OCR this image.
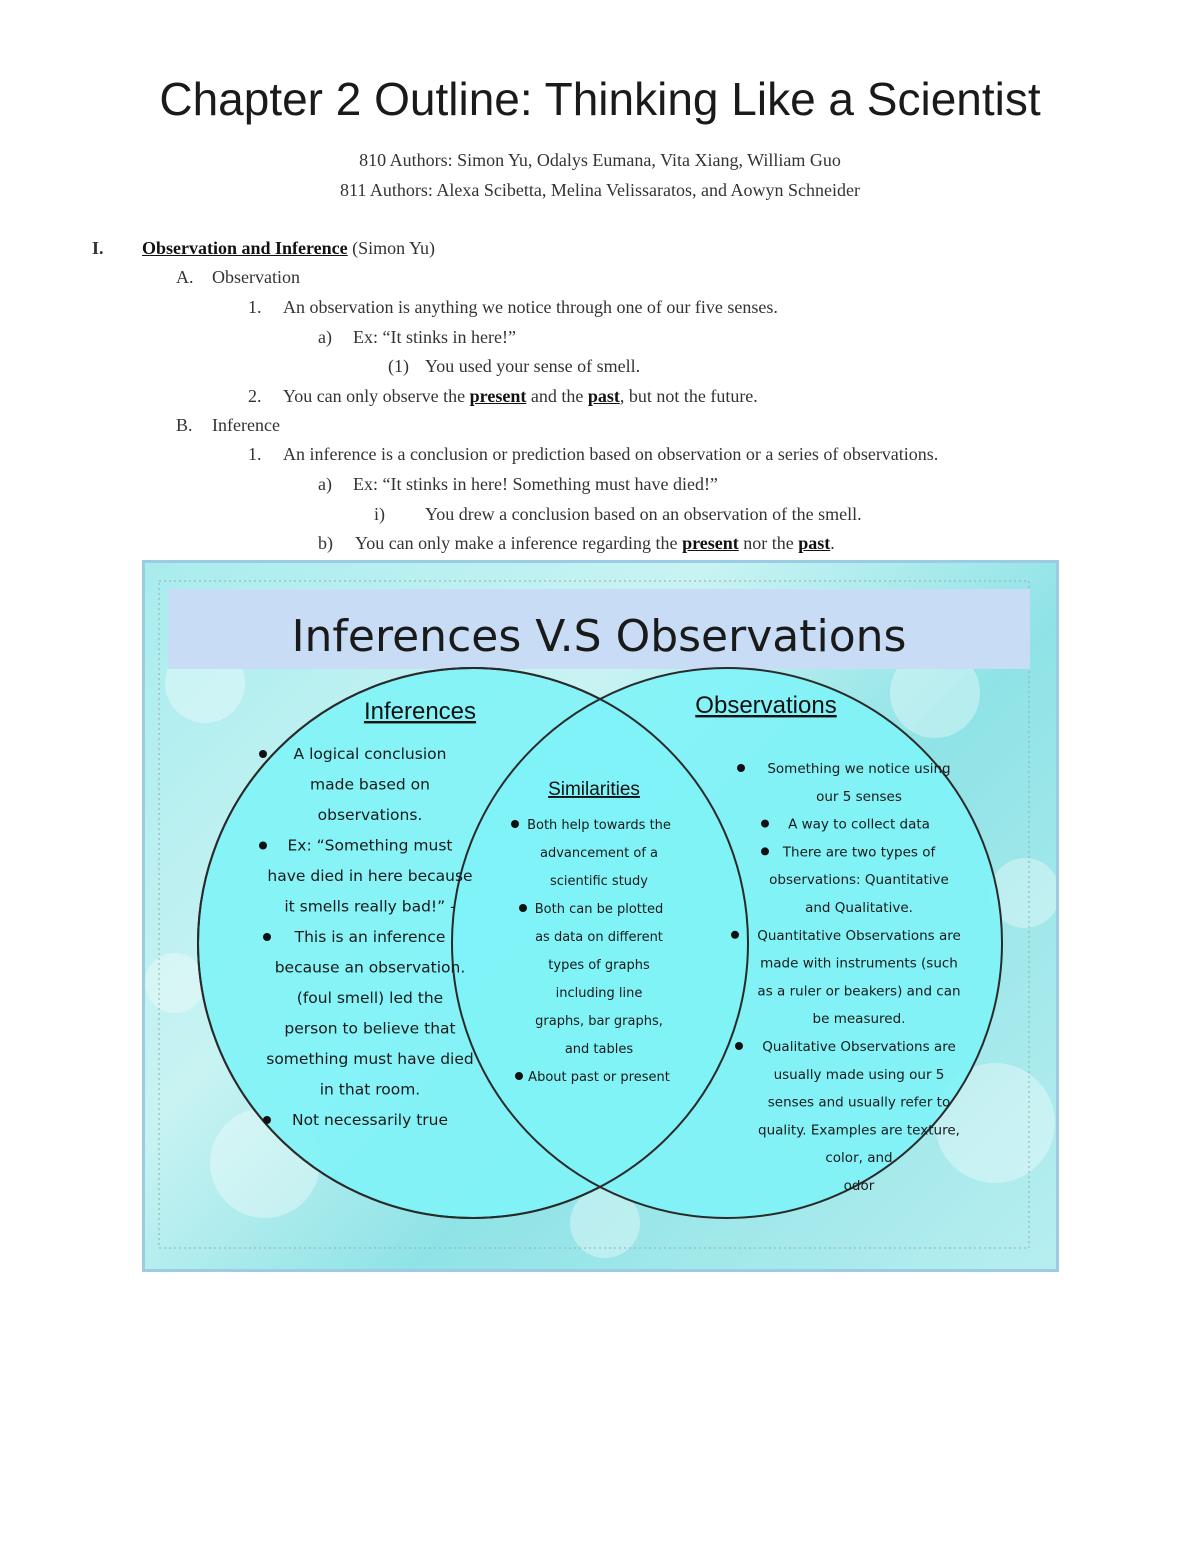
Chapter 2 Outline: Thinking Like a Scientist
810 Authors: Simon Yu, Odalys Eumana, Vita Xiang, William Guo
811 Authors: Alexa Scibetta, Melina Velissaratos, and Aowyn Schneider
I. Observation and Inference (Simon Yu)
A. Observation
1. An observation is anything we notice through one of our five senses.
a) Ex: “It stinks in here!”
(1) You used your sense of smell.
2. You can only observe the present and the past, but not the future.
B. Inference
1. An inference is a conclusion or prediction based on observation or a series of observations.
a) Ex: “It stinks in here! Something must have died!”
i) You drew a conclusion based on an observation of the smell.
b) You can only make a inference regarding the present nor the past.
Inferences V.S Observations
Inferences	Observations
Similarities
A logical conclusion
made based on
observations.
Ex: “Something must
have died in here because
it smells really bad!” -
This is an inference
because an observation.
(foul smell) led the
person to believe that
something must have died
in that room.
Not necessarily true
Both help towards the
advancement of a
scientific study
Both can be plotted
as data on different
types of graphs
including line
graphs, bar graphs,
and tables
About past or present
Something we notice using
our 5 senses
A way to collect data
There are two types of
observations: Quantitative
and Qualitative.
Quantitative Observations are
made with instruments (such
as a ruler or beakers) and can
be measured.
Qualitative Observations are
usually made using our 5
senses and usually refer to
quality. Examples are texture,
color, and
odor
